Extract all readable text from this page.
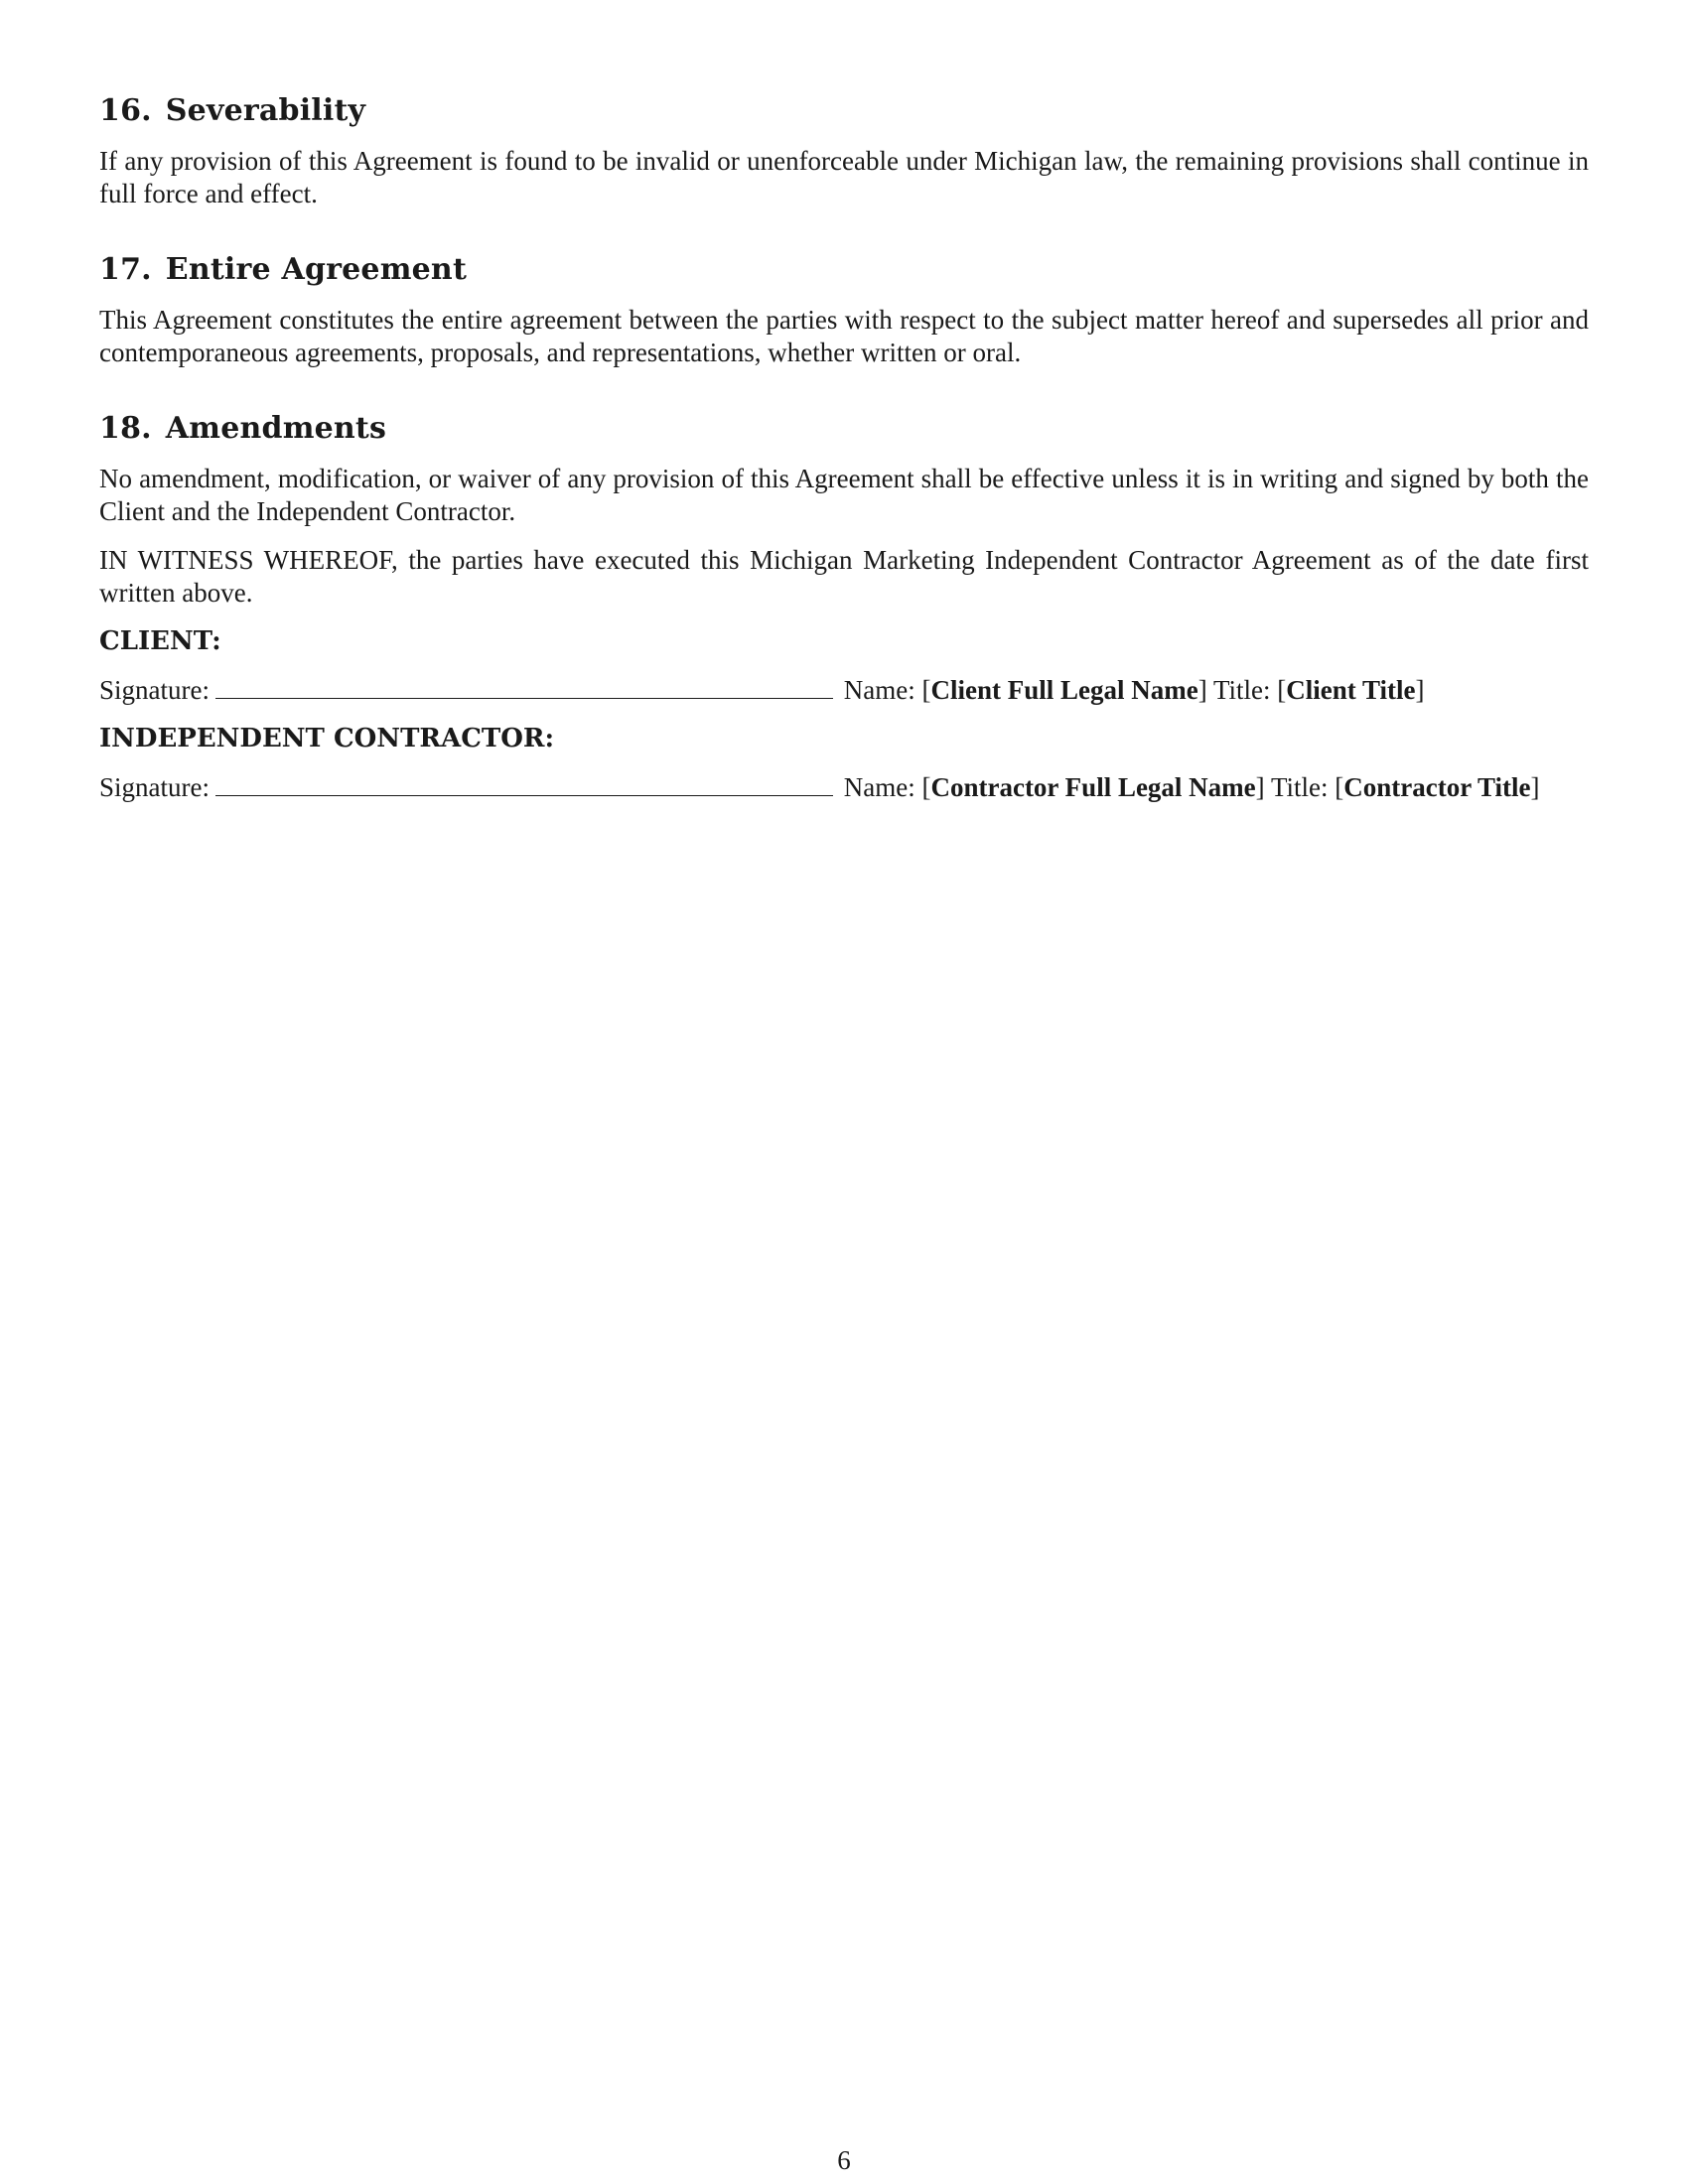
16. Severability

If any provision of this Agreement is found to be invalid or unenforceable under Michigan law, the remaining provisions shall continue in full force and effect.

17. Entire Agreement

This Agreement constitutes the entire agreement between the parties with respect to the subject matter hereof and supersedes all prior and contemporaneous agreements, proposals, and representations, whether written or oral.

18. Amendments

No amendment, modification, or waiver of any provision of this Agreement shall be effective unless it is in writing and signed by both the Client and the Independent Contractor.

IN WITNESS WHEREOF, the parties have executed this Michigan Marketing Independent Contractor Agreement as of the date first written above.

CLIENT:
Signature:	Name: [Client Full Legal Name] Title: [Client Title]
INDEPENDENT CONTRACTOR:
Signature:	Name: [Contractor Full Legal Name] Title: [Contractor Title]
6
